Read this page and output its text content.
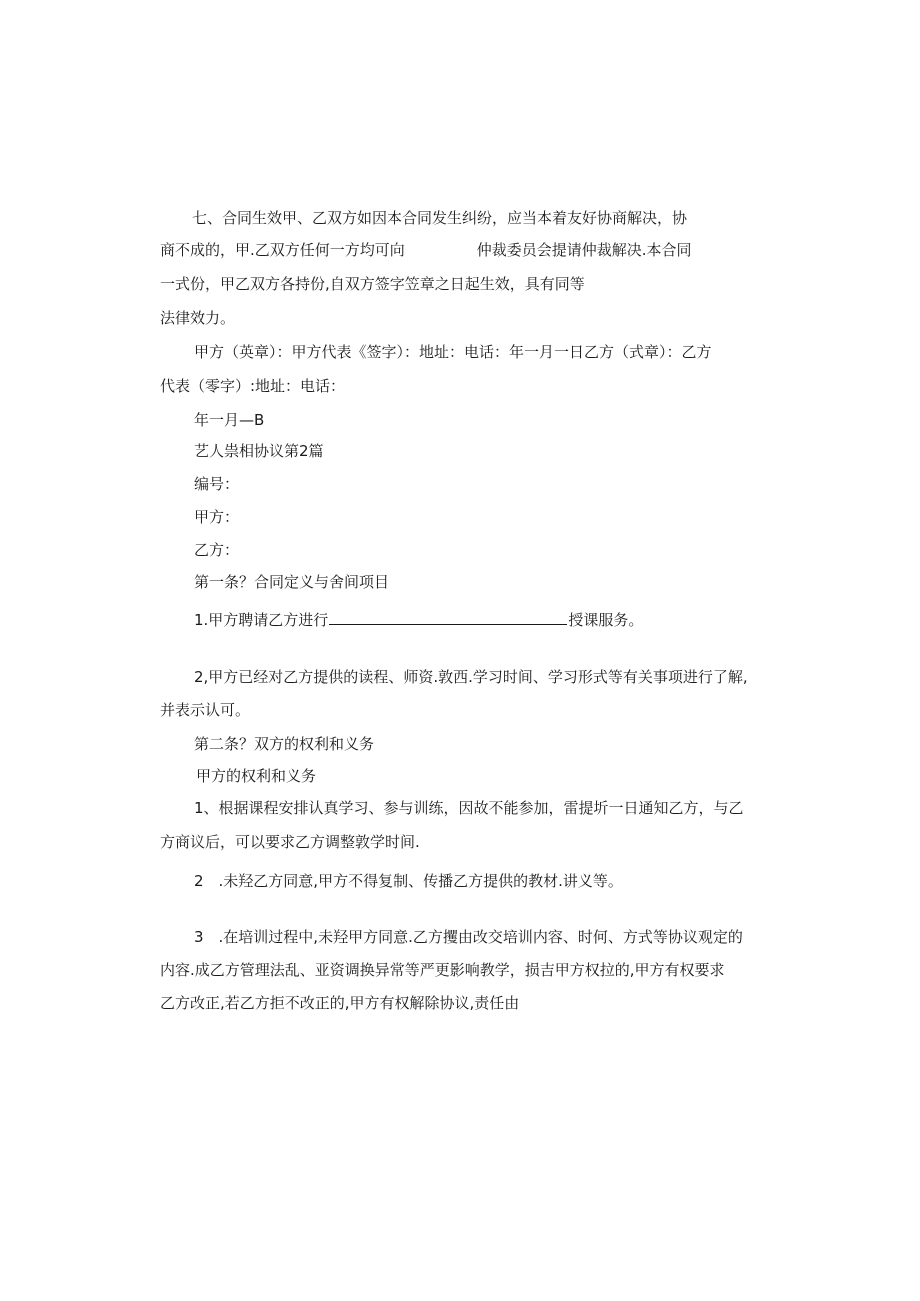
七、合同生效甲、乙双方如因本合同发生纠纷，应当本着友好协商解决，协
商不成的，甲.乙双方任何一方均可向	仲裁委员会提请仲裁解决.本合同
一式份，甲乙双方各持份,自双方签字笠章之日起生效，具有同等
法律效力。
甲方（英章）：甲方代表《签字）：地址：电话：年一月一日乙方（式章）：乙方
代表（零字）:地址：电话：
年一月—B
艺人祟相协议第2篇
编号：
甲方：
乙方：
第一条？合同定义与舍间项目
1.甲方聘请乙方进行	授课服务。
2,甲方已经对乙方提供的读程、师资.敦西.学习时间、学习形式等有关事项进行了解,
并表示认可。
第二条？双方的权利和义务
甲方的权利和义务
1、根据课程安排认真学习、参与训练，因故不能参加，雷提圻一日通知乙方，与乙
方商议后，可以要求乙方调整敦学时间.
2　.未羟乙方同意,甲方不得复制、传播乙方提供的教材.讲义等。
3　.在培训过程中,未羟甲方同意.乙方攫由改交培训内容、时何、方式等协议观定的
内容.成乙方管理法乱、亚资调换异常等严更影响教学，损吉甲方权拉的,甲方有权要求
乙方改正,若乙方拒不改正的,甲方有权解除协议,责任由
